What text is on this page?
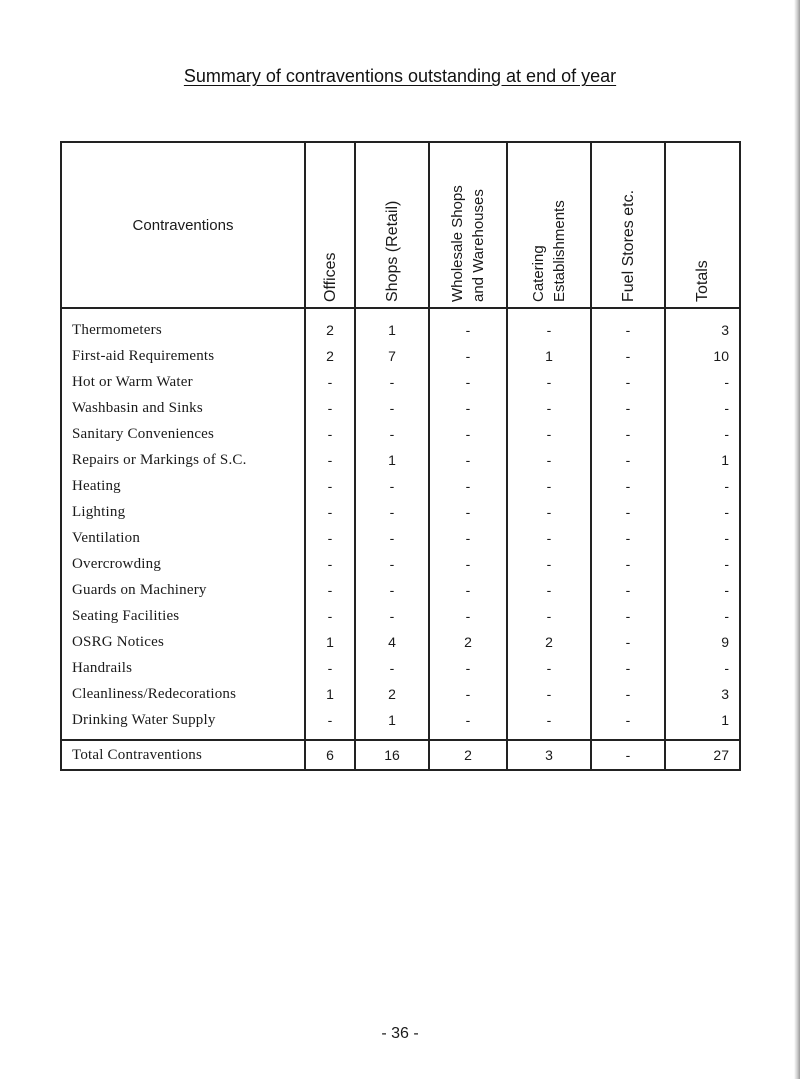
Summary of contraventions outstanding at end of year
Contraventions	Offices	Shops (Retail)	Wholesale Shops and Warehouses	Catering Establishments	Fuel Stores etc.	Totals
Thermometers	2	1	-	-	-	3
First-aid Requirements	2	7	-	1	-	10
Hot or Warm Water	-	-	-	-	-	-
Washbasin and Sinks	-	-	-	-	-	-
Sanitary Conveniences	-	-	-	-	-	-
Repairs or Markings of S.C.	-	1	-	-	-	1
Heating	-	-	-	-	-	-
Lighting	-	-	-	-	-	-
Ventilation	-	-	-	-	-	-
Overcrowding	-	-	-	-	-	-
Guards on Machinery	-	-	-	-	-	-
Seating Facilities	-	-	-	-	-	-
OSRG Notices	1	4	2	2	-	9
Handrails	-	-	-	-	-	-
Cleanliness/Redecorations	1	2	-	-	-	3
Drinking Water Supply	-	1	-	-	-	1

Total Contraventions	6	16	2	3	-	27
- 36 -
